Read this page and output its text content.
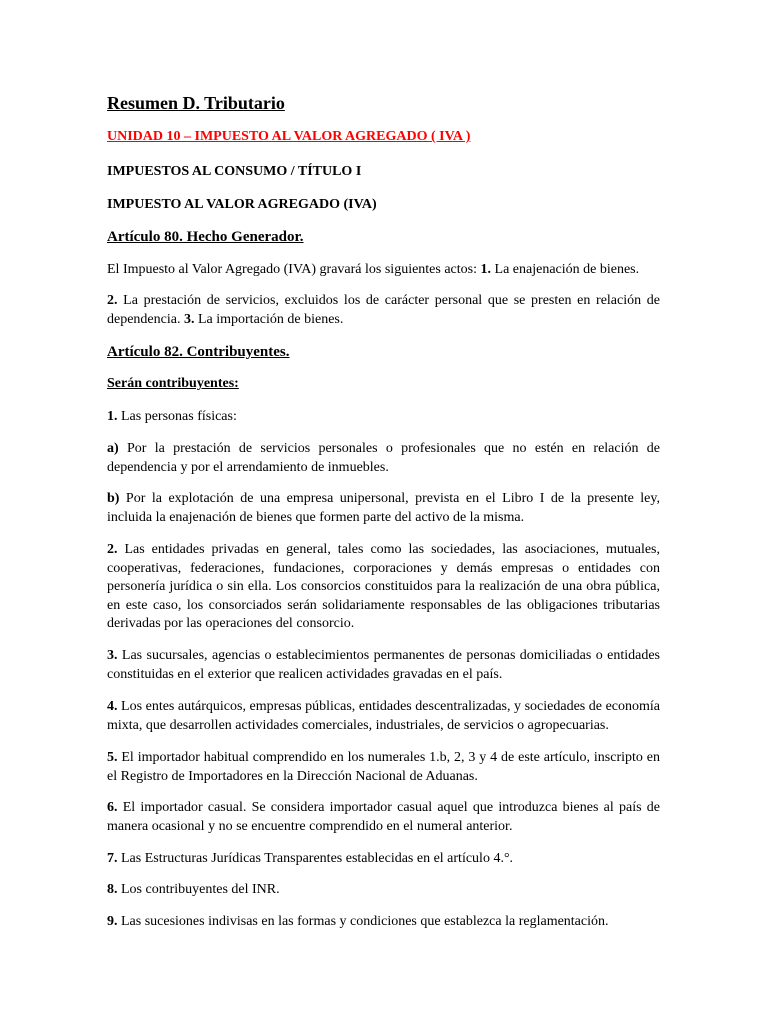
Resumen D. Tributario

UNIDAD 10 – IMPUESTO AL VALOR AGREGADO ( IVA )

IMPUESTOS AL CONSUMO / TÍTULO I

IMPUESTO AL VALOR AGREGADO (IVA)

Artículo 80. Hecho Generador.

El Impuesto al Valor Agregado (IVA) gravará los siguientes actos: 1. La enajenación de bienes.

2. La prestación de servicios, excluidos los de carácter personal que se presten en relación de dependencia. 3. La importación de bienes.

Artículo 82. Contribuyentes.

Serán contribuyentes:

1. Las personas físicas:

a) Por la prestación de servicios personales o profesionales que no estén en relación de dependencia y por el arrendamiento de inmuebles.

b) Por la explotación de una empresa unipersonal, prevista en el Libro I de la presente ley, incluida la enajenación de bienes que formen parte del activo de la misma.

2. Las entidades privadas en general, tales como las sociedades, las asociaciones, mutuales, cooperativas, federaciones, fundaciones, corporaciones y demás empresas o entidades con personería jurídica o sin ella. Los consorcios constituidos para la realización de una obra pública, en este caso, los consorciados serán solidariamente responsables de las obligaciones tributarias derivadas por las operaciones del consorcio.

3. Las sucursales, agencias o establecimientos permanentes de personas domiciliadas o entidades constituidas en el exterior que realicen actividades gravadas en el país.

4. Los entes autárquicos, empresas públicas, entidades descentralizadas, y sociedades de economía mixta, que desarrollen actividades comerciales, industriales, de servicios o agropecuarias.

5. El importador habitual comprendido en los numerales 1.b, 2, 3 y 4 de este artículo, inscripto en el Registro de Importadores en la Dirección Nacional de Aduanas.

6. El importador casual. Se considera importador casual aquel que introduzca bienes al país de manera ocasional y no se encuentre comprendido en el numeral anterior.

7. Las Estructuras Jurídicas Transparentes establecidas en el artículo 4.°.

8. Los contribuyentes del INR.

9. Las sucesiones indivisas en las formas y condiciones que establezca la reglamentación.
